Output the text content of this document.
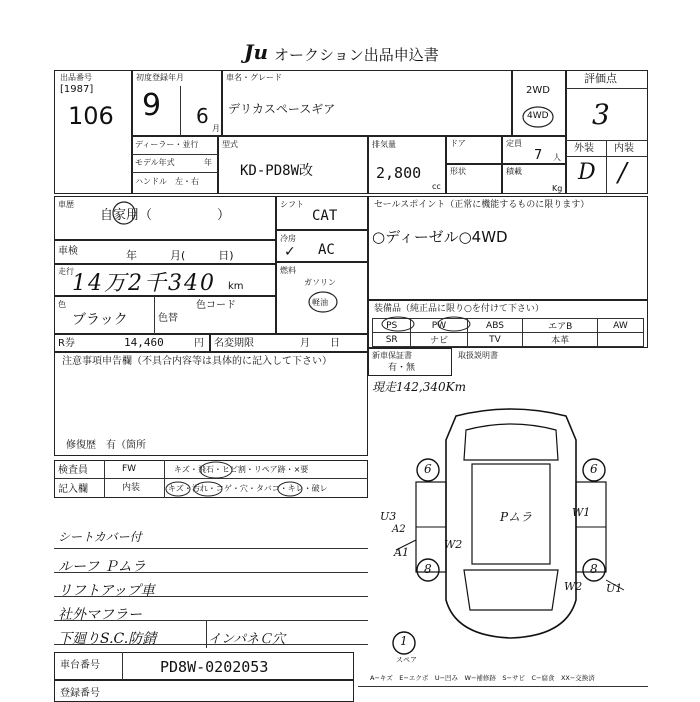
Ju オークション出品申込書
出品番号
[1987]
106
初度登録年月
9 6
月
車名・グレード
デリカスペースギア
2WD
4WD
評価点
3
外装 内装
D /
ディーラー・並行
モデル年式	年
ハンドル　左・右
型式
KD-PD8W改
排気量
2,800
cc
ドア	定員
7 人
形状	積載
Kg
車歴
自家用（　　　　　）
車検	年　　　月(　　　日)
走行
14万2千340 km
色
ブラック	色替
色コード
シフト
CAT
冷房
✓ AC
燃料
ガソリン
軽油
R券	14,460	円 名変期限	月　　日
注意事項申告欄（不具合内容等は具体的に記入して下さい）
修復歴　有（箇所
セールスポイント（正常に機能するものに限ります）
○ディーゼル○4WD
装備品（純正品に限り○を付けて下さい）
PS	PW	ABS	エアB	AW
SR	ナビ	TV	本革	
新車保証書
有・無
取扱説明書
現走142,340Km
検査員	FW	キズ・飛石・ヒビ割・リペア跡・×要
記入欄	内装	キズ・汚れ・コゲ・穴・タバコ・キレ・破レ
シートカバー付
ルーフ Ｐムラ
リフトアップ車
社外マフラー
下廻りS.C.防錆	インパネＣ穴
Pムラ	W1
U3
A2
W2
A1
W2 U1
6	6
8	8
1
スペア
車台番号	PD8W-0202053
登録番号
A−キズ　E−エクボ　U−凹み　W−補修跡　S−サビ　C−腐食　XX−交換済
